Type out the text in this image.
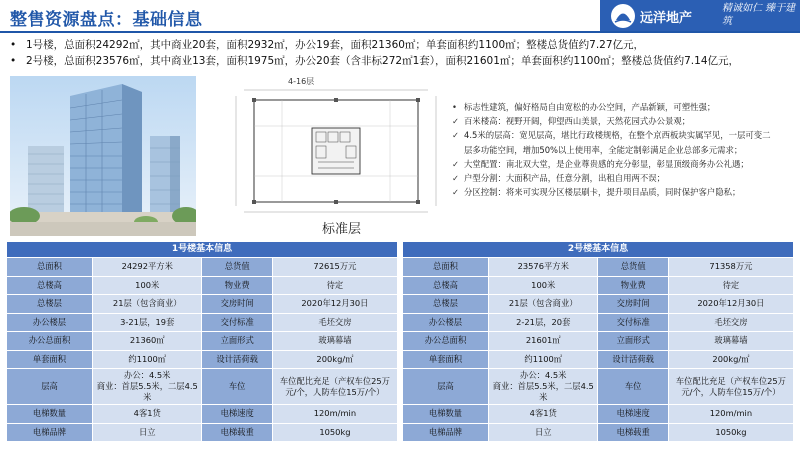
整售资源盘点：基础信息	远洋地产
精诚如仁 臻于建筑
• 1号楼，总面积24292㎡，其中商业20套，面积2932㎡，办公19套，面积21360㎡；单套面积约1100㎡；整楼总货值约7.27亿元，
• 2号楼，总面积23576㎡，其中商业13套，面积1975㎡，办公20套（含非标272㎡1套），面积21601㎡；单套面积约1100㎡；整楼总货值约7.14亿元，
4-16层
标准层
• 标志性建筑，偏好格局自由宽松的办公空间，产品新颖，可塑性强；
✓ 百米楼高：视野开阔，仰望西山美景，天然花园式办公景观；
✓ 4.5米的层高：宽见层高，堪比行政楼规格，在整个京西板块实属罕见，一层可变二
层多功能空间，增加50%以上使用率，全能定制彰满足企业总部多元需求；
✓ 大堂配置：南北双大堂，是企业尊贵感的充分彰显，彰显顶级商务办公礼遇；
✓ 户型分割：大面积产品，任意分割，出租自用两不误；
✓ 分区控制：将来可实现分区楼层刷卡，提升项目品质，同时保护客户隐私；
1号楼基本信息			
总面积	24292平方米	总货值	72615万元
总楼高	100米	物业费	待定
总楼层	21层（包含商业）	交房时间	2020年12月30日
办公楼层	3-21层，19套	交付标准	毛坯交房
办公总面积	21360㎡	立面形式	玻璃幕墙
单套面积	约1100㎡	设计活荷载	200kg/㎡
层高	办公：4.5米
商业：首层5.5米，二层4.5米	车位	车位配比充足（产权车位25万元/个，人防车位15万/个）
电梯数量	4客1货	电梯速度	120m/min
电梯品牌	日立	电梯载重	1050kg
2号楼基本信息			
总面积	23576平方米	总货值	71358万元
总楼高	100米	物业费	待定
总楼层	21层（包含商业）	交房时间	2020年12月30日
办公楼层	2-21层，20套	交付标准	毛坯交房
办公总面积	21601㎡	立面形式	玻璃幕墙
单套面积	约1100㎡	设计活荷载	200kg/㎡
层高	办公：4.5米
商业：首层5.5米，二层4.5米	车位	车位配比充足（产权车位25万元/个，人防车位15万/个）
电梯数量	4客1货	电梯速度	120m/min
电梯品牌	日立	电梯载重	1050kg
